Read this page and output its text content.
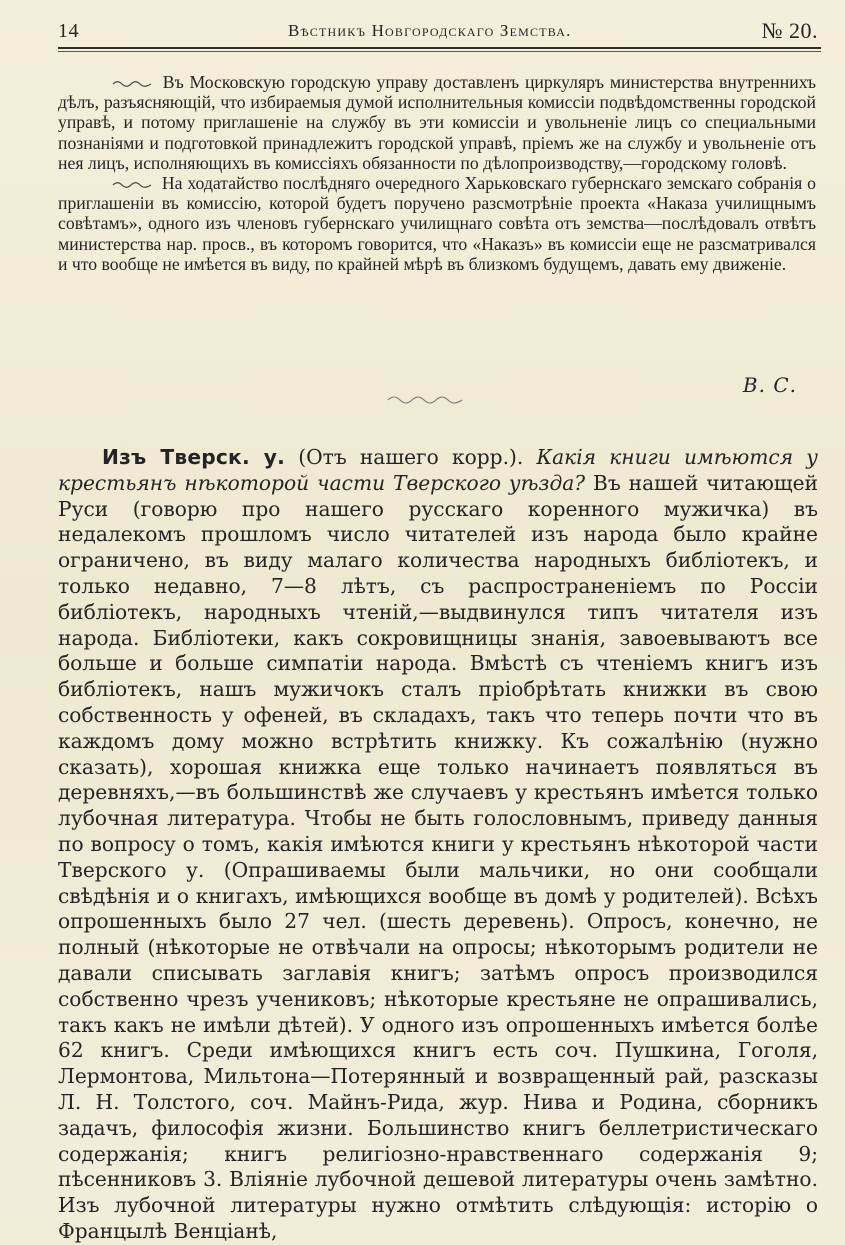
14	Вѣстникъ Новгородскаго Земства.	№ 20.

Въ Московскую городскую управу доставленъ циркуляръ министерства внутреннихъ дѣлъ, разъясняющій, что избираемыя думой исполнительныя комиссіи подвѣдомственны городской управѣ, и потому приглашеніе на службу въ эти комиссіи и увольненіе лицъ со специальными познаніями и подготовкой принадлежитъ городской управѣ, пріемъ же на службу и увольненіе отъ нея лицъ, исполняющихъ въ комиссіяхъ обязанности по дѣлопроизводству,—городскому головѣ.

На ходатайство послѣдняго очередного Харьковскаго губернскаго земскаго собранія о приглашеніи въ комиссію, которой будетъ поручено разсмотрѣніе проекта «Наказа училищнымъ совѣтамъ», одного изъ членовъ губернскаго училищнаго совѣта отъ земства—послѣдовалъ отвѣтъ министерства нар. просв., въ которомъ говорится, что «Наказъ» въ комиссіи еще не разсматривался и что вообще не имѣется въ виду, по крайней мѣрѣ въ близкомъ будущемъ, давать ему движеніе.

В. С.

Изъ Тверск. у. (Отъ нашего корр.). Какія книги имѣются у крестьянъ нѣкоторой части Тверского уѣзда? Въ нашей читающей Руси (говорю про нашего русскаго коренного мужичка) въ недалекомъ прошломъ число читателей изъ народа было крайне ограничено, въ виду малаго количества народныхъ библіотекъ, и только недавно, 7—8 лѣтъ, съ распространеніемъ по Россіи библіотекъ, народныхъ чтеній,—выдвинулся типъ читателя изъ народа. Библіотеки, какъ сокровищницы знанія, завоевываютъ все больше и больше симпатіи народа. Вмѣстѣ съ чтеніемъ книгъ изъ библіотекъ, нашъ мужичокъ сталъ пріобрѣтать книжки въ свою собственность у офеней, въ складахъ, такъ что теперь почти что въ каждомъ дому можно встрѣтить книжку. Къ сожалѣнію (нужно сказать), хорошая книжка еще только начинаетъ появляться въ деревняхъ,—въ большинствѣ же случаевъ у крестьянъ имѣется только лубочная литература. Чтобы не быть голословнымъ, приведу данныя по вопросу о томъ, какія имѣются книги у крестьянъ нѣкоторой части Тверского у. (Опрашиваемы были мальчики, но они сообщали свѣдѣнія и о книгахъ, имѣющихся вообще въ домѣ у родителей). Всѣхъ опрошенныхъ было 27 чел. (шесть деревень). Опросъ, конечно, не полный (нѣкоторые не отвѣчали на опросы; нѣкоторымъ родители не давали списывать заглавія книгъ; затѣмъ опросъ производился собственно чрезъ учениковъ; нѣкоторые крестьяне не опрашивались, такъ какъ не имѣли дѣтей). У одного изъ опрошенныхъ имѣется болѣе 62 книгъ. Среди имѣющихся книгъ есть соч. Пушкина, Гоголя, Лермонтова, Мильтона—Потерянный и возвращенный рай, разсказы Л. Н. Толстого, соч. Майнъ-Рида, жур. Нива и Родина, сборникъ задачъ, философія жизни. Большинство книгъ беллетристическаго содержанія; книгъ религіозно-нравственнаго содержанія 9; пѣсенниковъ 3. Вліяніе лубочной дешевой литературы очень замѣтно. Изъ лубочной литературы нужно отмѣтить слѣдующія: исторію о Францылѣ Венціанѣ,
